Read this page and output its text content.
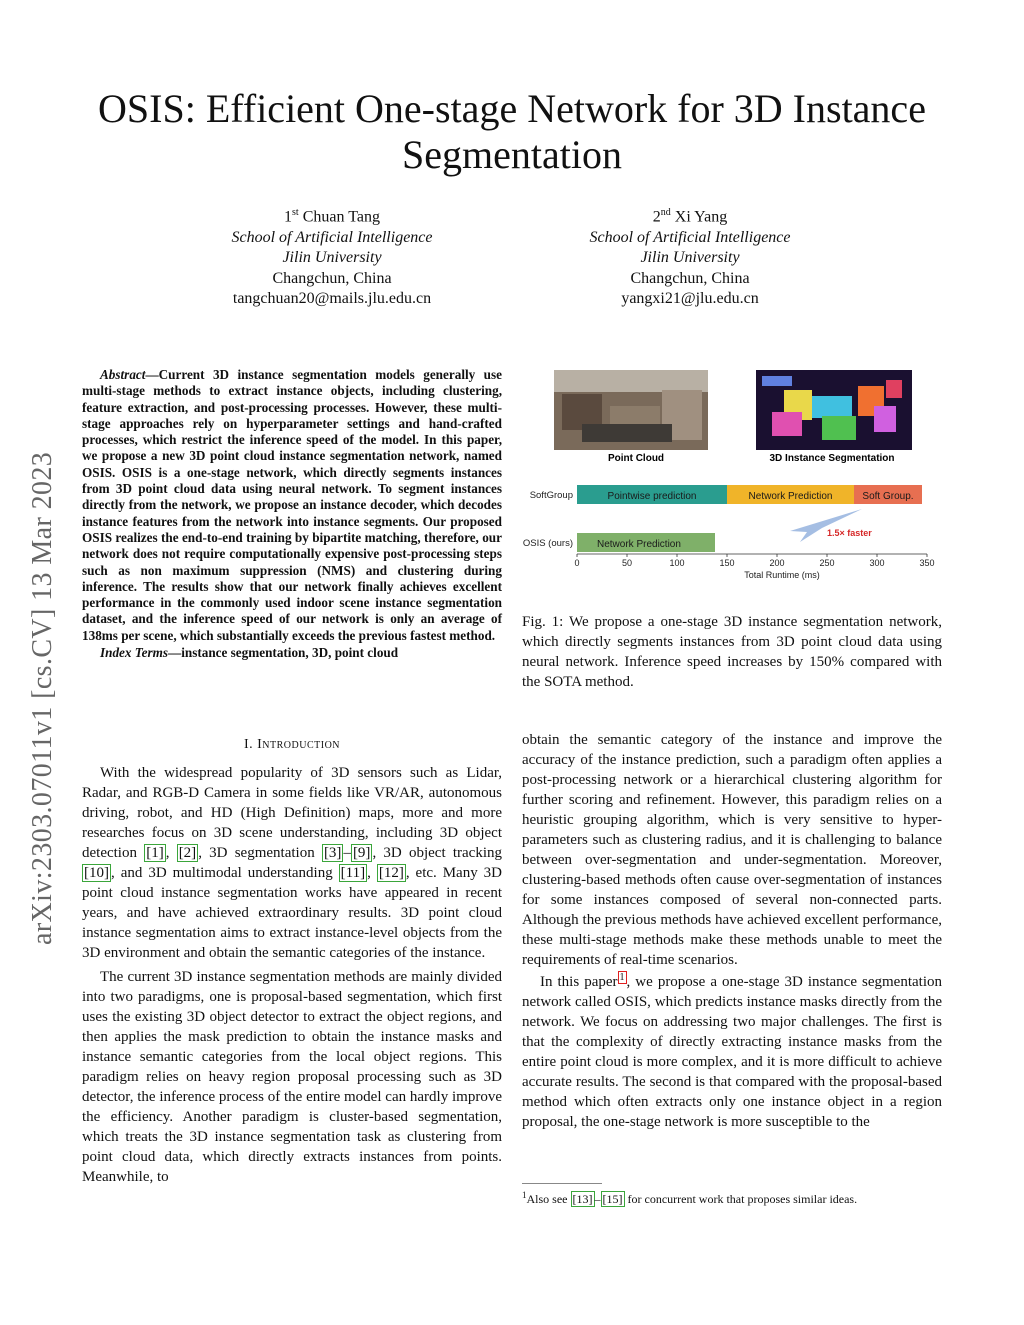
OSIS: Efficient One-stage Network for 3D Instance Segmentation
arXiv:2303.07011v1 [cs.CV] 13 Mar 2023
1st Chuan Tang
School of Artificial Intelligence
Jilin University
Changchun, China
tangchuan20@mails.jlu.edu.cn
2nd Xi Yang
School of Artificial Intelligence
Jilin University
Changchun, China
yangxi21@jlu.edu.cn

Abstract—Current 3D instance segmentation models generally use multi-stage methods to extract instance objects, including clustering, feature extraction, and post-processing processes. However, these multi-stage approaches rely on hyperparameter settings and hand-crafted processes, which restrict the inference speed of the model. In this paper, we propose a new 3D point cloud instance segmentation network, named OSIS. OSIS is a one-stage network, which directly segments instances from 3D point cloud data using neural network. To segment instances directly from the network, we propose an instance decoder, which decodes instance features from the network into instance segments. Our proposed OSIS realizes the end-to-end training by bipartite matching, therefore, our network does not require computationally expensive post-processing steps such as non maximum suppression (NMS) and clustering during inference. The results show that our network finally achieves excellent performance in the commonly used indoor scene instance segmentation dataset, and the inference speed of our network is only an average of 138ms per scene, which substantially exceeds the previous fastest method.

Index Terms—instance segmentation, 3D, point cloud

I. Introduction

With the widespread popularity of 3D sensors such as Lidar, Radar, and RGB-D Camera in some fields like VR/AR, autonomous driving, robot, and HD (High Definition) maps, more and more researches focus on 3D scene understanding, including 3D object detection [1] , [2] , 3D segmentation [3] – [9] , 3D object tracking [10] , and 3D multimodal understanding [11] , [12] , etc. Many 3D point cloud instance segmentation works have appeared in recent years, and have achieved extraordinary results. 3D point cloud instance segmentation aims to extract instance-level objects from the 3D environment and obtain the semantic categories of the instance.

The current 3D instance segmentation methods are mainly divided into two paradigms, one is proposal-based segmentation, which first uses the existing 3D object detector to extract the object regions, and then applies the mask prediction to obtain the instance masks and instance semantic categories from the local object regions. This paradigm relies on heavy region proposal processing such as 3D detector, the inference process of the entire model can hardly improve the efficiency. Another paradigm is cluster-based segmentation, which treats the 3D instance segmentation task as clustering from point cloud data, which directly extracts instances from points. Meanwhile, to

Point Cloud	3D Instance Segmentation
SoftGroup
OSIS (ours)
Pointwise prediction	Network Prediction	Soft Group.
Network Prediction
0	50	100	150	200	250	300	350
Total Runtime (ms)
1.5× faster
Fig. 1: We propose a one-stage 3D instance segmentation network, which directly segments instances from 3D point cloud data using neural network. Inference speed increases by 150% compared with the SOTA method.

obtain the semantic category of the instance and improve the accuracy of the instance prediction, such a paradigm often applies a post-processing network or a hierarchical clustering algorithm for further scoring and refinement. However, this paradigm relies on a heuristic grouping algorithm, which is very sensitive to hyper-parameters such as clustering radius, and it is challenging to balance between over-segmentation and under-segmentation. Moreover, clustering-based methods often cause over-segmentation of instances for some instances composed of several non-connected parts. Although the previous methods have achieved excellent performance, these multi-stage methods make these methods unable to meet the requirements of real-time scenarios.

In this paper $^1$ , we propose a one-stage 3D instance segmentation network called OSIS, which predicts instance masks directly from the network. We focus on addressing two major challenges. The first is that the complexity of directly extracting instance masks from the entire point cloud is more complex, and it is more difficult to achieve accurate results. The second is that compared with the proposal-based method which often extracts only one instance object in a region proposal, the one-stage network is more susceptible to the

$^1$Also see [13] – [15] for concurrent work that proposes similar ideas.
